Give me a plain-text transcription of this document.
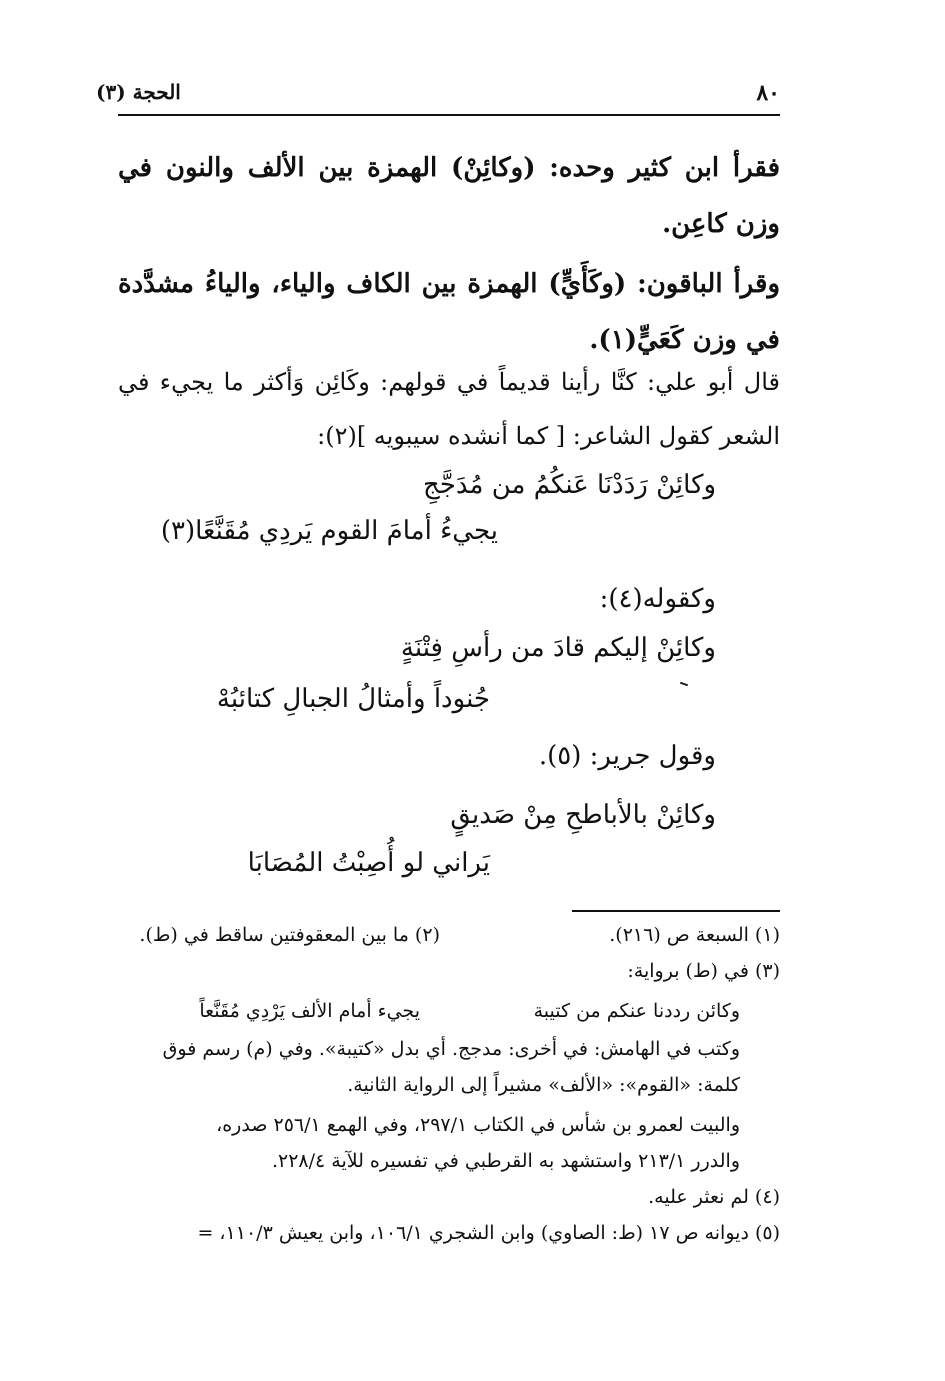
٨٠
الحجة (٣)
فقرأ ابن كثير وحده: (وكائِنْ) الهمزة بين الألف والنون في وزن كاعِن.
وقرأ الباقون: (وكَأَيٍّ) الهمزة بين الكاف والياء، والياءُ مشدَّدة في وزن كَعَيٍّ(١).
قال أبو علي: كنَّا رأينا قديماً في قولهم: وكَائِن وَأكثر ما يجيء في الشعر كقول الشاعر: [ كما أنشده سيبويه ](٢):
وكائِنْ رَدَدْنَا عَنكُمُ من مُدَجَّجِ
يجيءُ أمامَ القوم يَردِي مُقَنَّعًا(٣)
وكقوله(٤):
وكائِنْ إليكم قادَ من رأسِ فِتْنَةٍ
جُنوداً وأمثالُ الجبالِ كتائبُهْ
وقول جرير: (٥).
وكائِنْ بالأباطحِ مِنْ صَديقٍ
يَراني لو أُصِبْتُ المُصَابَا
(١) السبعة ص (٢١٦).
(٢) ما بين المعقوفتين ساقط في (ط).
(٣) في (ط) برواية:
وكائن رددنا عنكم من كتيبة
يجيء أمام الألف يَرْدِي مُقَنَّعاً
وكتب في الهامش: في أخرى: مدجج. أي بدل «كتيبة». وفي (م) رسم فوق
كلمة: «القوم»: «الألف» مشيراً إلى الرواية الثانية.
والبيت لعمرو بن شأس في الكتاب ٢٩٧/١، وفي الهمع ٢٥٦/١ صدره،
والدرر ٢١٣/١ واستشهد به القرطبي في تفسيره للآية ٢٢٨/٤.
(٤) لم نعثر عليه.
(٥) ديوانه ص ١٧ (ط: الصاوي) وابن الشجري ١٠٦/١، وابن يعيش ١١٠/٣، =
